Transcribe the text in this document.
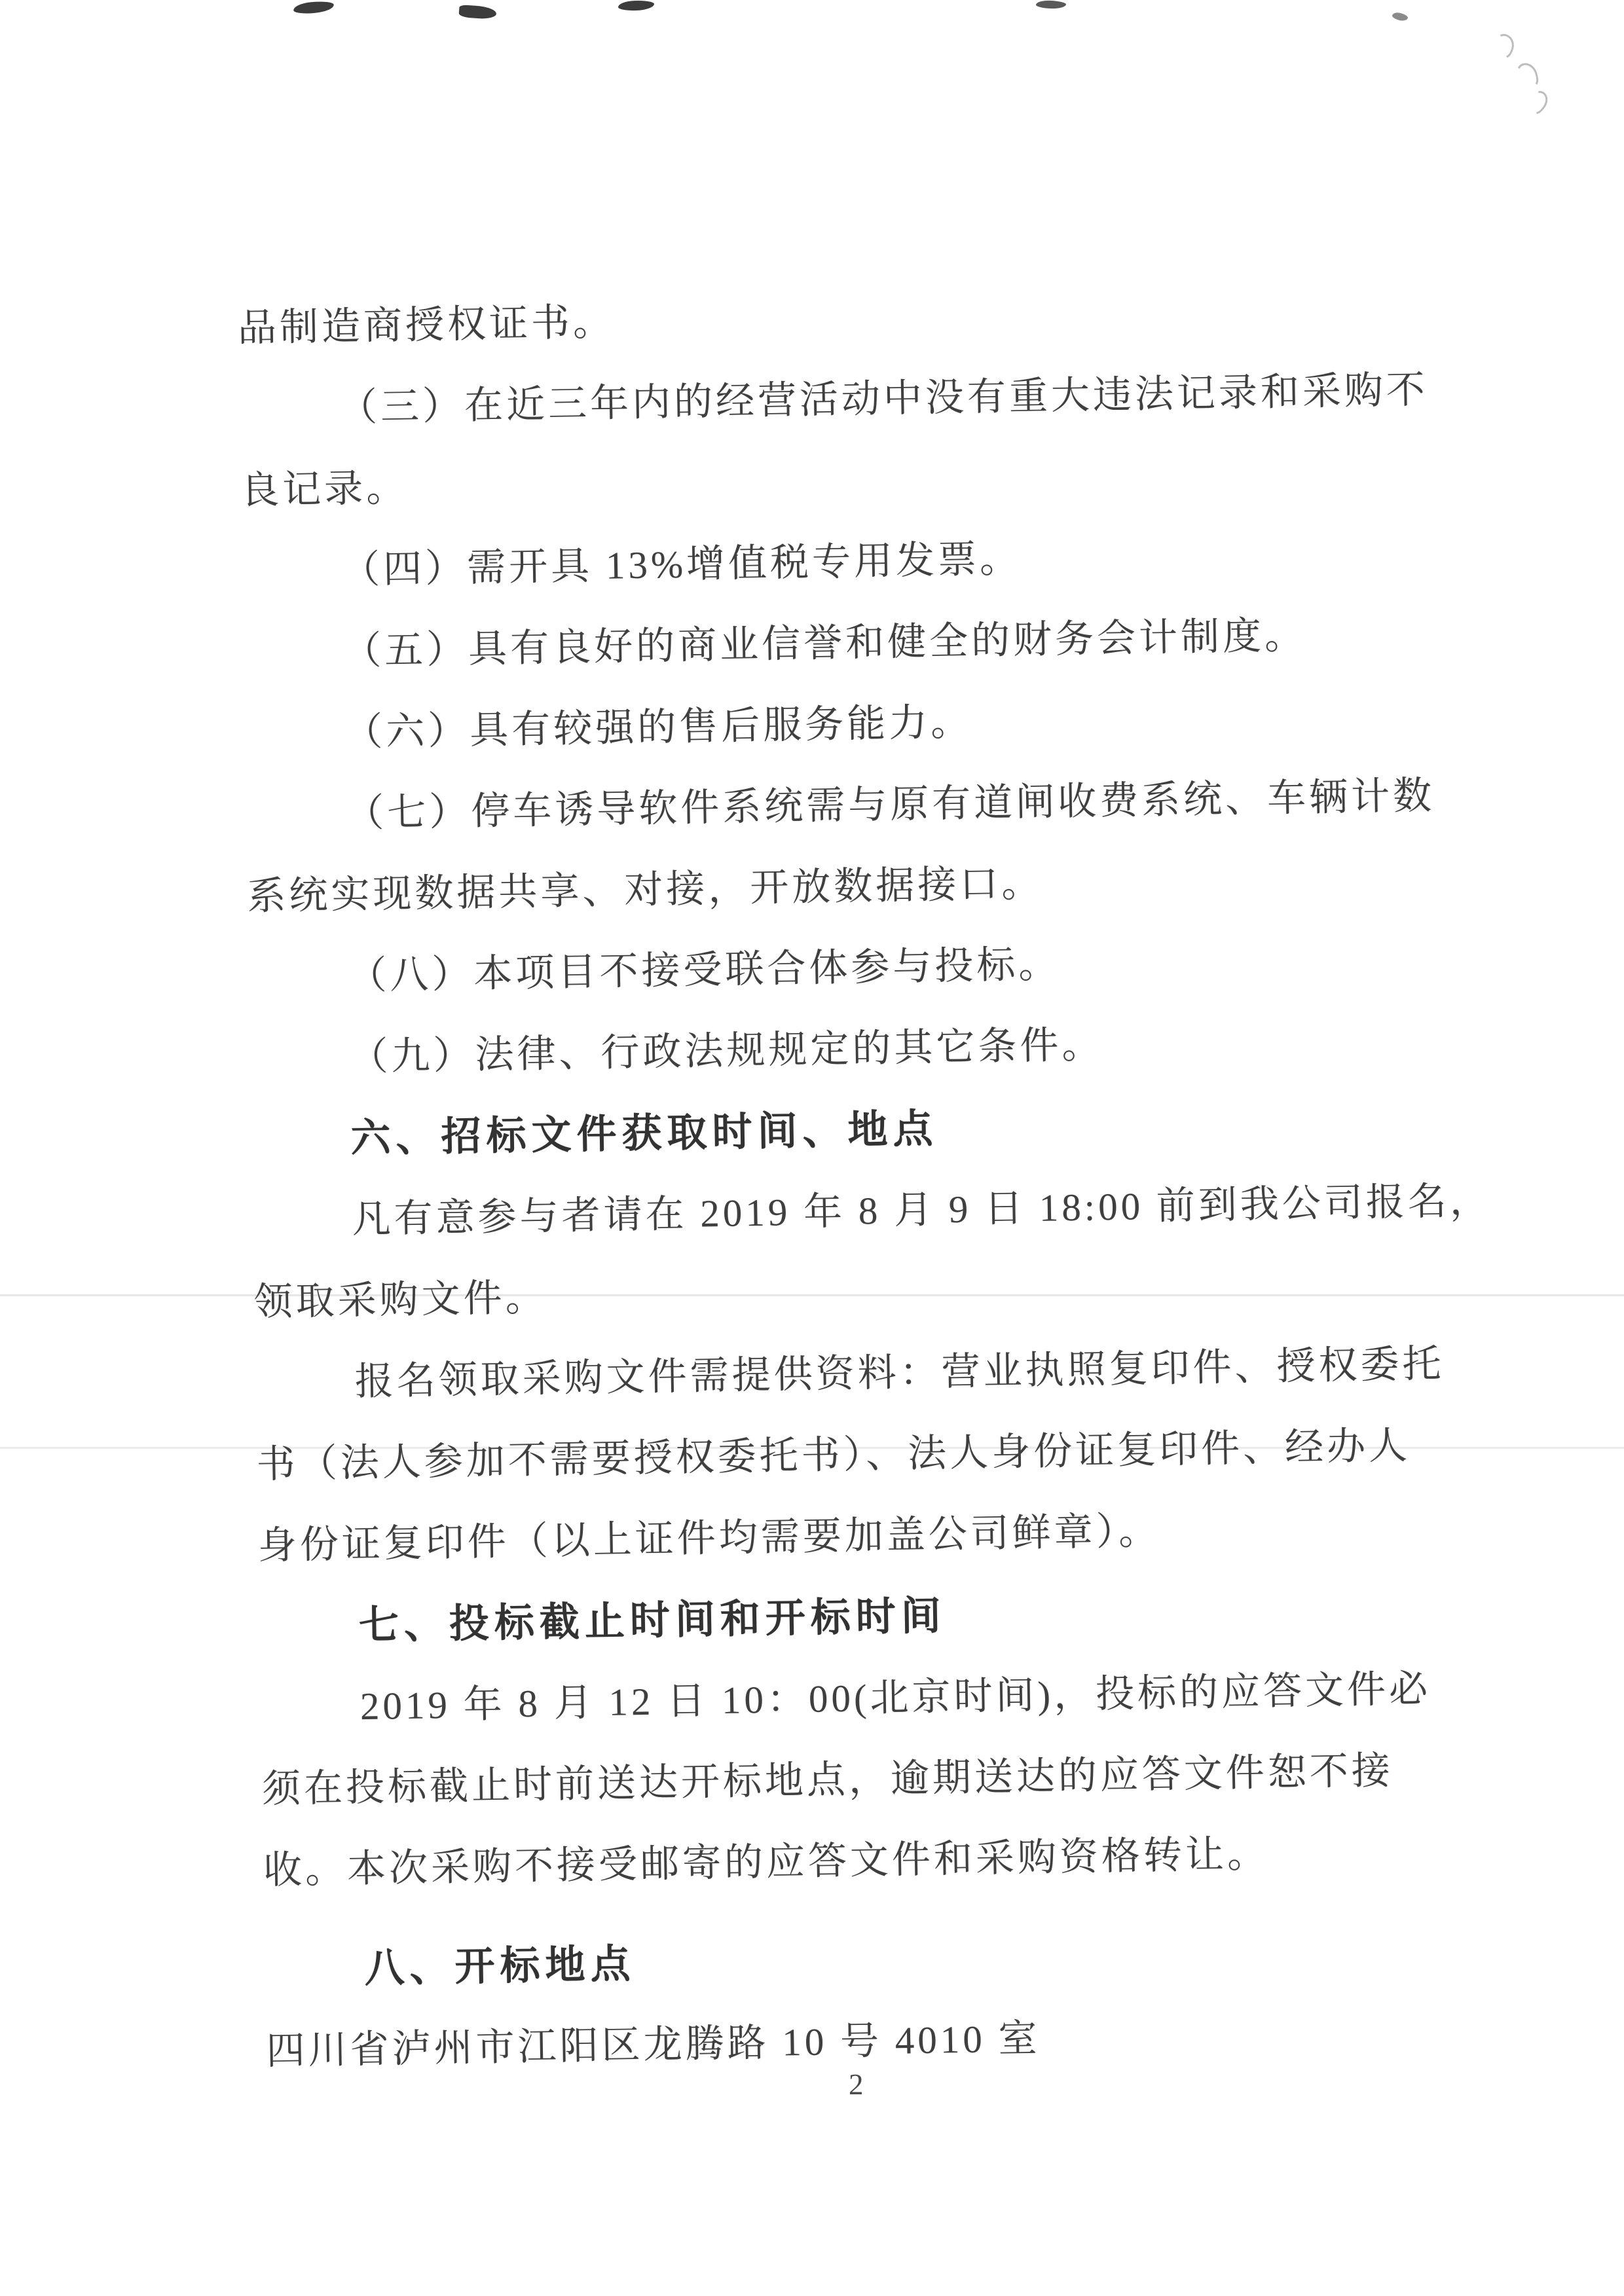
品制造商授权证书。
（三）在近三年内的经营活动中没有重大违法记录和采购不
良记录。
（四）需开具 13%增值税专用发票。
（五）具有良好的商业信誉和健全的财务会计制度。
（六）具有较强的售后服务能力。
（七）停车诱导软件系统需与原有道闸收费系统、车辆计数
系统实现数据共享、对接，开放数据接口。
（八）本项目不接受联合体参与投标。
（九）法律、行政法规规定的其它条件。
六、招标文件获取时间、地点
凡有意参与者请在 2019 年 8 月 9 日 18:00 前到我公司报名，
领取采购文件。
报名领取采购文件需提供资料：营业执照复印件、授权委托
书（法人参加不需要授权委托书）、法人身份证复印件、经办人
身份证复印件（以上证件均需要加盖公司鲜章）。
七、投标截止时间和开标时间
2019 年 8 月 12 日 10：00(北京时间)，投标的应答文件必
须在投标截止时前送达开标地点，逾期送达的应答文件恕不接
收。本次采购不接受邮寄的应答文件和采购资格转让。
八、开标地点
四川省泸州市江阳区龙腾路 10 号 4010 室
2
